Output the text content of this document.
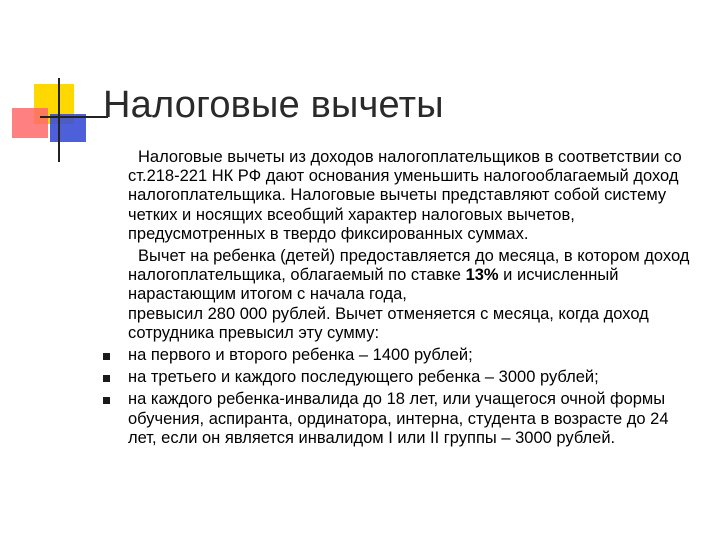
Налоговые вычеты

Налоговые вычеты из доходов налогоплательщиков в соответствии со ст.218-221 НК РФ дают основания уменьшить налогооблагаемый доход налогоплательщика. Налоговые вычеты представляют собой систему четких и носящих всеобщий характер налоговых вычетов, предусмотренных в твердо фиксированных суммах.

Вычет на ребенка (детей) предоставляется до месяца, в котором доход налогоплательщика, облагаемый по ставке 13% и исчисленный нарастающим итогом с начала года,

превысил 280 000 рублей. Вычет отменяется с месяца, когда доход сотрудника превысил эту сумму:

на первого и второго ребенка – 1400 рублей;
на третьего и каждого последующего ребенка – 3000 рублей;
на каждого ребенка-инвалида до 18 лет, или учащегося очной формы обучения, аспиранта, ординатора, интерна, студента в возрасте до 24 лет, если он является инвалидом I или II группы – 3000 рублей.
